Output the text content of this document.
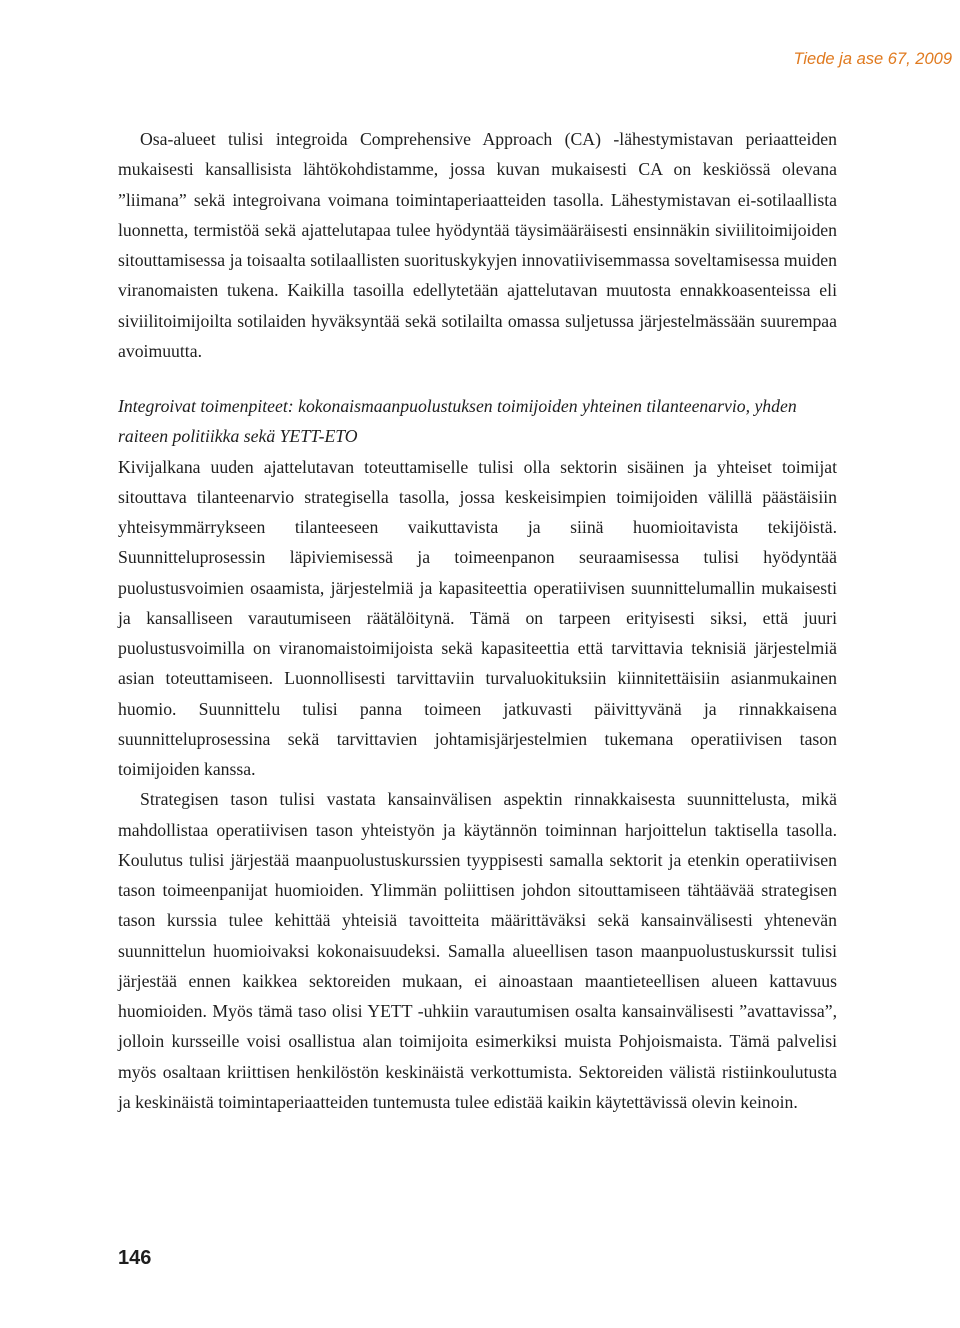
Tiede ja ase 67, 2009

Osa-alueet tulisi integroida Comprehensive Approach (CA) -lähestymistavan periaatteiden mukaisesti kansallisista lähtökohdistamme, jossa kuvan mukaisesti CA on keskiössä olevana ”liimana” sekä integroivana voimana toimintaperiaatteiden tasolla. Lähestymistavan ei-sotilaallista luonnetta, termistöä sekä ajattelutapaa tulee hyödyntää täysimääräisesti ensinnäkin siviilitoimijoiden sitouttamisessa ja toisaalta sotilaallisten suorituskykyjen innovatiivisemmassa soveltamisessa muiden viranomaisten tukena. Kaikilla tasoilla edellytetään ajattelutavan muutosta ennakkoasenteissa eli siviilitoimijoilta sotilaiden hyväksyntää sekä sotilailta omassa suljetussa järjestelmässään suurempaa avoimuutta.

Integroivat toimenpiteet: kokonaismaanpuolustuksen toimijoiden yhteinen tilanteenarvio, yhden raiteen politiikka sekä YETT-ETO

Kivijalkana uuden ajattelutavan toteuttamiselle tulisi olla sektorin sisäinen ja yhteiset toimijat sitouttava tilanteenarvio strategisella tasolla, jossa keskeisimpien toimijoiden välillä päästäisiin yhteisymmärrykseen tilanteeseen vaikuttavista ja siinä huomioitavista tekijöistä. Suunnitteluprosessin läpiviemisessä ja toimeenpanon seuraamisessa tulisi hyödyntää puolustusvoimien osaamista, järjestelmiä ja kapasiteettia operatiivisen suunnittelumallin mukaisesti ja kansalliseen varautumiseen räätälöitynä. Tämä on tarpeen erityisesti siksi, että juuri puolustusvoimilla on viranomaistoimijoista sekä kapasiteettia että tarvittavia teknisiä järjestelmiä asian toteuttamiseen. Luonnollisesti tarvittaviin turvaluokituksiin kiinnitettäisiin asianmukainen huomio. Suunnittelu tulisi panna toimeen jatkuvasti päivittyvänä ja rinnakkaisena suunnitteluprosessina sekä tarvittavien johtamisjärjestelmien tukemana operatiivisen tason toimijoiden kanssa.

Strategisen tason tulisi vastata kansainvälisen aspektin rinnakkaisesta suunnittelusta, mikä mahdollistaa operatiivisen tason yhteistyön ja käytännön toiminnan harjoittelun taktisella tasolla. Koulutus tulisi järjestää maanpuolustuskurssien tyyppisesti samalla sektorit ja etenkin operatiivisen tason toimeenpanijat huomioiden. Ylimmän poliittisen johdon sitouttamiseen tähtäävää strategisen tason kurssia tulee kehittää yhteisiä tavoitteita määrittäväksi sekä kansainvälisesti yhtenevän suunnittelun huomioivaksi kokonaisuudeksi. Samalla alueellisen tason maanpuolustuskurssit tulisi järjestää ennen kaikkea sektoreiden mukaan, ei ainoastaan maantieteellisen alueen kattavuus huomioiden. Myös tämä taso olisi YETT -uhkiin varautumisen osalta kansainvälisesti ”avattavissa”, jolloin kursseille voisi osallistua alan toimijoita esimerkiksi muista Pohjoismaista. Tämä palvelisi myös osaltaan kriittisen henkilöstön keskinäistä verkottumista. Sektoreiden välistä ristiinkoulutusta ja keskinäistä toimintaperiaatteiden tuntemusta tulee edistää kaikin käytettävissä olevin keinoin.

146
